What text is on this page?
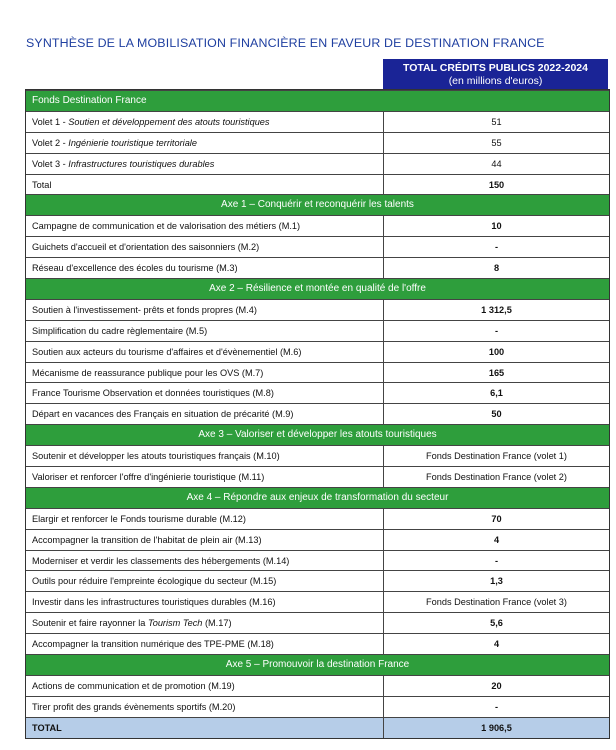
SYNTHÈSE DE LA MOBILISATION FINANCIÈRE EN FAVEUR DE DESTINATION FRANCE
TOTAL CRÉDITS PUBLICS 2022-2024
(en millions d'euros)
Fonds Destination France
Volet 1 - Soutien et développement des atouts touristiques	51
Volet 2 - Ingénierie touristique territoriale	55
Volet 3 - Infrastructures touristiques durables	44
Total	150
Axe 1 – Conquérir et reconquérir les talents
Campagne de communication et de valorisation des métiers (M.1)	10
Guichets d'accueil et d'orientation des saisonniers (M.2)	-
Réseau d'excellence des écoles du tourisme (M.3)	8
Axe 2 – Résilience et montée en qualité de l'offre
Soutien à l'investissement- prêts et fonds propres (M.4)	1 312,5
Simplification du cadre règlementaire (M.5)	-
Soutien aux acteurs du tourisme d'affaires et d'évènementiel (M.6)	100
Mécanisme de reassurance publique pour les OVS (M.7)	165
France Tourisme Observation et données touristiques (M.8)	6,1
Départ en vacances des Français en situation de précarité (M.9)	50
Axe 3 – Valoriser et développer les atouts touristiques
Soutenir et développer les atouts touristiques français (M.10)	Fonds Destination France (volet 1)
Valoriser et renforcer l'offre d'ingénierie touristique (M.11)	Fonds Destination France (volet 2)
Axe 4 – Répondre aux enjeux de transformation du secteur
Elargir et renforcer le Fonds tourisme durable (M.12)	70
Accompagner la transition de l'habitat de plein air (M.13)	4
Moderniser et verdir les classements des hébergements (M.14)	-
Outils pour réduire l'empreinte écologique du secteur (M.15)	1,3
Investir dans les infrastructures touristiques durables (M.16)	Fonds Destination France (volet 3)
Soutenir et faire rayonner la Tourism Tech (M.17)	5,6
Accompagner la transition numérique des TPE-PME (M.18)	4
Axe 5 – Promouvoir la destination France
Actions de communication et de promotion (M.19)	20
Tirer profit des grands évènements sportifs (M.20)	-
TOTAL	1 906,5
